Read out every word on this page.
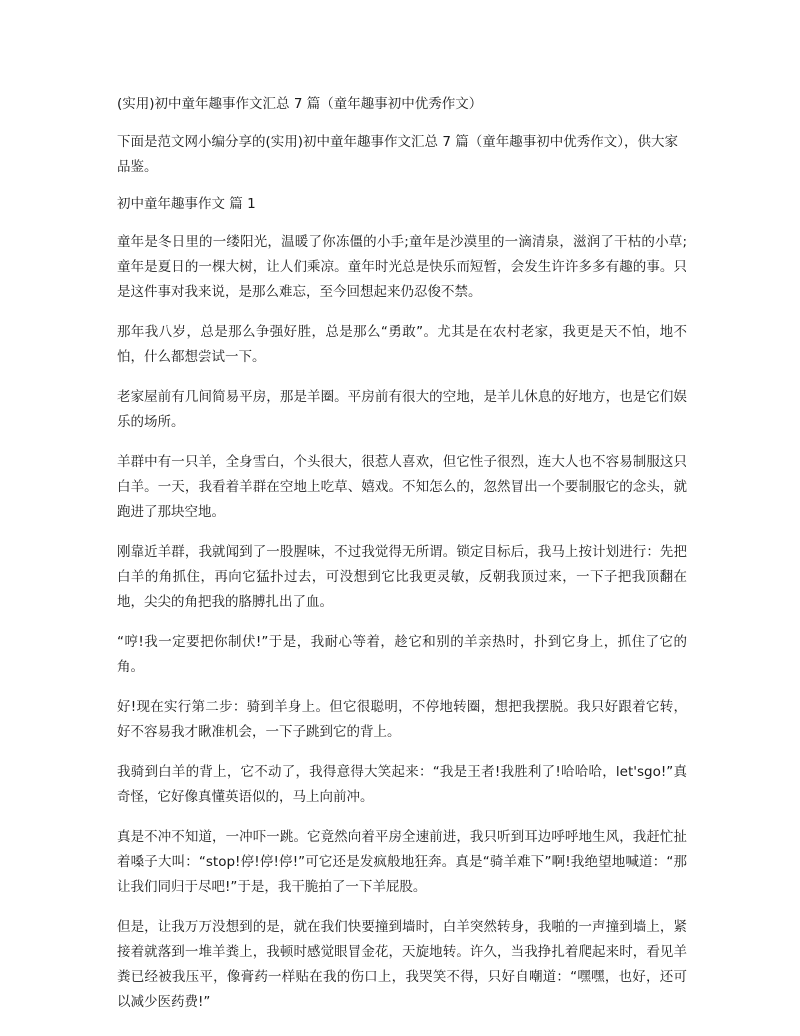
(实用)初中童年趣事作文汇总 7 篇（童年趣事初中优秀作文）

下面是范文网小编分享的(实用)初中童年趣事作文汇总 7 篇（童年趣事初中优秀作文），供大家品鉴。

初中童年趣事作文 篇 1

童年是冬日里的一缕阳光，温暖了你冻僵的小手;童年是沙漠里的一滴清泉，滋润了干枯的小草;童年是夏日的一棵大树，让人们乘凉。童年时光总是快乐而短暂，会发生许许多多有趣的事。只是这件事对我来说，是那么难忘，至今回想起来仍忍俊不禁。

那年我八岁，总是那么争强好胜，总是那么“勇敢”。尤其是在农村老家，我更是天不怕，地不怕，什么都想尝试一下。

老家屋前有几间简易平房，那是羊圈。平房前有很大的空地，是羊儿休息的好地方，也是它们娱乐的场所。

羊群中有一只羊，全身雪白，个头很大，很惹人喜欢，但它性子很烈，连大人也不容易制服这只白羊。一天，我看着羊群在空地上吃草、嬉戏。不知怎么的，忽然冒出一个要制服它的念头，就跑进了那块空地。

刚靠近羊群，我就闻到了一股腥味，不过我觉得无所谓。锁定目标后，我马上按计划进行：先把白羊的角抓住，再向它猛扑过去，可没想到它比我更灵敏，反朝我顶过来，一下子把我顶翻在地，尖尖的角把我的胳膊扎出了血。

“哼!我一定要把你制伏!”于是，我耐心等着，趁它和别的羊亲热时，扑到它身上，抓住了它的角。

好!现在实行第二步：骑到羊身上。但它很聪明，不停地转圈，想把我摆脱。我只好跟着它转，好不容易我才瞅准机会，一下子跳到它的背上。

我骑到白羊的背上，它不动了，我得意得大笑起来：“我是王者!我胜利了!哈哈哈，let'sgo!”真奇怪，它好像真懂英语似的，马上向前冲。

真是不冲不知道，一冲吓一跳。它竟然向着平房全速前进，我只听到耳边呼呼地生风，我赶忙扯着嗓子大叫：“stop!停!停!停!”可它还是发疯般地狂奔。真是“骑羊难下”啊!我绝望地喊道：“那让我们同归于尽吧!”于是，我干脆拍了一下羊屁股。

但是，让我万万没想到的是，就在我们快要撞到墙时，白羊突然转身，我啪的一声撞到墙上，紧接着就落到一堆羊粪上，我顿时感觉眼冒金花，天旋地转。许久，当我挣扎着爬起来时，看见羊粪已经被我压平，像膏药一样贴在我的伤口上，我哭笑不得，只好自嘲道：“嘿嘿，也好，还可以减少医药费!”
